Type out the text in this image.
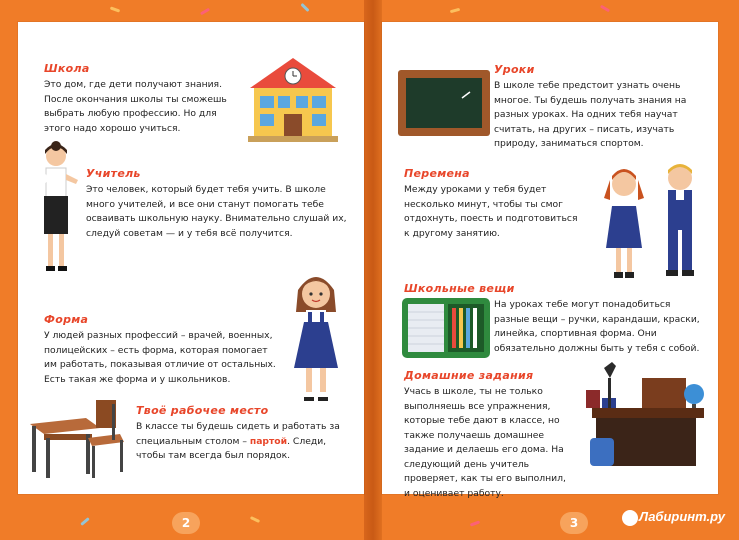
Школа
Это дом, где дети получают знания. После окончания школы ты сможешь выбрать любую профессию. Но для этого надо хорошо учиться.
Учитель
Это человек, который будет тебя учить. В школе много учителей, и все они станут помогать тебе осваивать школьную науку. Внимательно слушай их, следуй советам — и у тебя всё получится.
Форма
У людей разных профессий – врачей, военных, полицейских – есть форма, которая помогает им работать, показывая отличие от остальных. Есть такая же форма и у школьников.
Твоё рабочее место
В классе ты будешь сидеть и работать за специальным столом – партой. Следи, чтобы там всегда был порядок.
2
Уроки
В школе тебе предстоит узнать очень многое. Ты будешь получать знания на разных уроках. На одних тебя научат считать, на других – писать, изучать природу, заниматься спортом.
Перемена
Между уроками у тебя будет несколько минут, чтобы ты смог отдохнуть, поесть и подготовиться к другому занятию.
Школьные вещи
На уроках тебе могут понадобиться разные вещи – ручки, карандаши, краски, линейка, спортивная форма. Они обязательно должны быть у тебя с собой.
Домашние задания
Учась в школе, ты не только выполняешь все упражнения, которые тебе дают в классе, но также получаешь домашнее задание и делаешь его дома. На следующий день учитель проверяет, как ты его выполнил, и оценивает работу.
3	Лабиринт.ру
